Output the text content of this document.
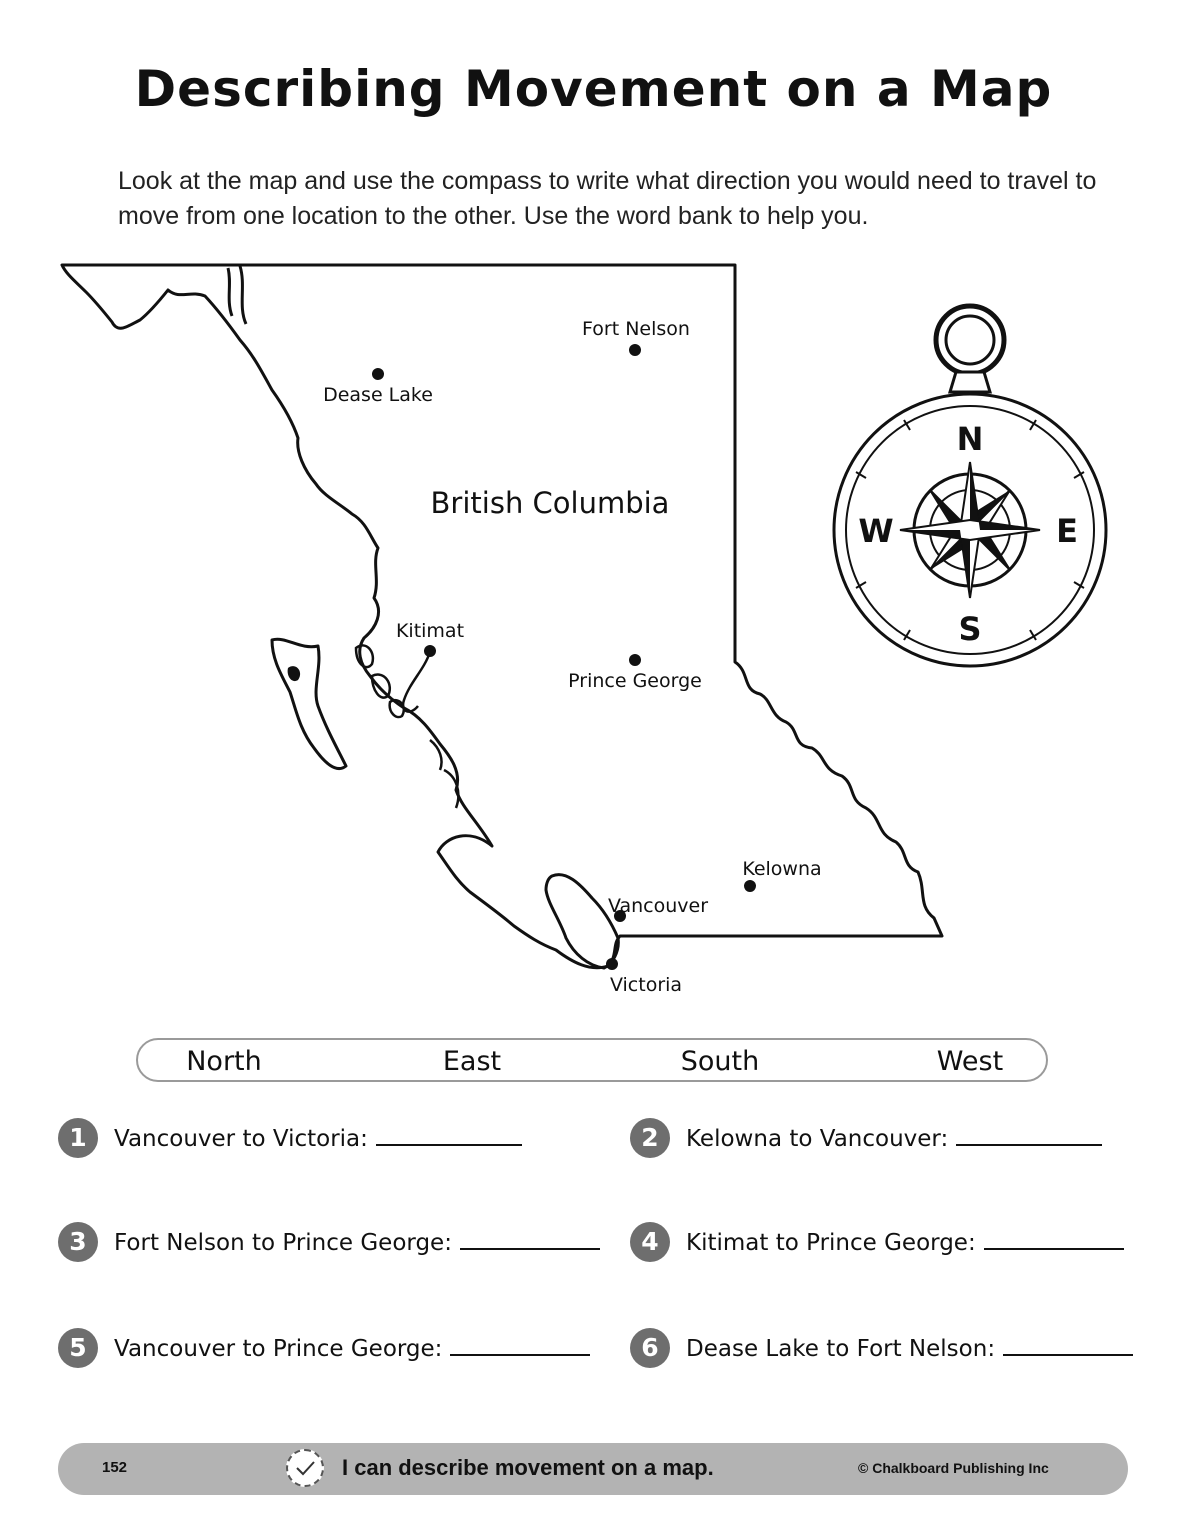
Describing Movement on a Map
Look at the map and use the compass to write what direction you would need to travel to move from one location to the other. Use the word bank to help you.
British Columbia
Fort Nelson
Dease Lake
Kitimat
Prince George
Kelowna
Vancouver
Victoria
N
E
S
W
North	East	South	West
1	Vancouver to Victoria:	2	Kelowna to Vancouver:
3	Fort Nelson to Prince George:	4	Kitimat to Prince George:
5	Vancouver to Prince George:	6	Dease Lake to Fort Nelson:
152	I can describe movement on a map.	© Chalkboard Publishing Inc
